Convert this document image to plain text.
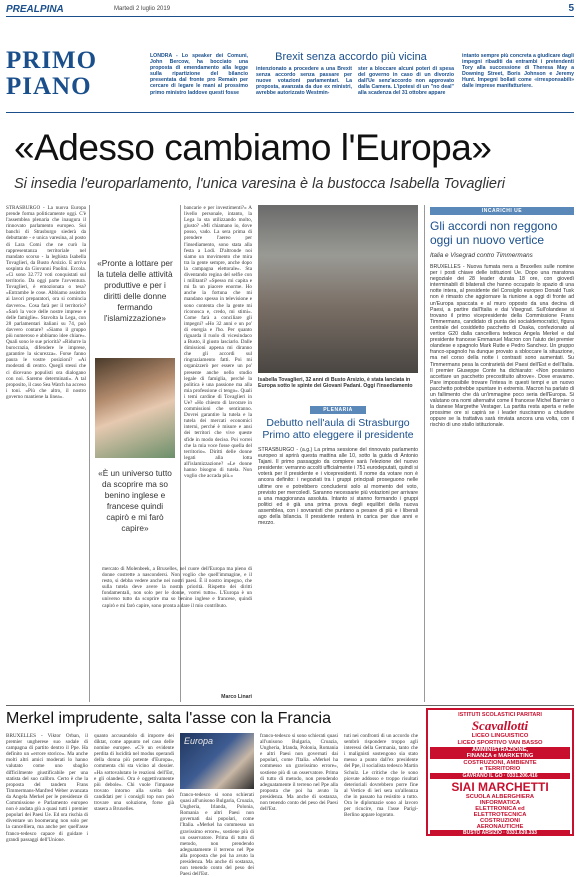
PREALPINA	Martedì 2 luglio 2019	5
PRIMO
PIANO
LONDRA - Lo speaker dei Comuni, John Bercow, ha bocciato una proposta di emendamento alla legge sulla ripartizione del bilancio presentata dal fronte pro Remain per cercare di legare le mani al prossimo primo ministro laddove questi fosse
Brexit senza accordo più vicina
intenzionato a procedere a una Brexit senza accordo senza passare per nuove votazioni parlamentari. La proposta, avanzata da due ex ministri, avrebbe autorizzato Westmin-
ster a bloccare alcuni poteri di spesa del governo in caso di un divorzio dall'Ue senz'accordo non approvato dalla Camera. L'ipotesi di un "no deal" alla scadenza del 31 ottobre appare
intanto sempre più concreta a giudicare dagli impegni ribaditi da entrambi i pretendenti Tory alla successione di Theresa May a Downing Street, Boris Johnson e Jeremy Hunt. Impegni bollati come «irresponsabili» dalle imprese manifatturiere.
«Adesso cambiamo l'Europa»
Si insedia l'europarlamento, l'unica varesina è la bustocca Isabella Tovaglieri
STRASBURGO - La nuova Europa prende forma politicamente oggi. C'è l'assemblea plenaria che inaugura il rinnovato parlamento europeo. Sui banchi di Strasburgo siederà da debuttante - e unica varesina, al posto di Lara Comi che ne curò la rappresentanza territoriale nel mandato scorso - la leghista Isabella Tovaglieri, da Busto Arsizio. E arriva sospinta da Giovanni Paolini. Eccola. «Ci sono 32.772 voti conquistati sul territorio. Da oggi parte l'avventura. Tovaglieri, è emozionata o tesa? «Entrambe le cose. Abbiamo assistito ai lavori preparatori, ora si comincia davvero». Cosa farà per il territorio? «Sarò la voce delle nostre imprese e delle famiglie». Stavolta la Lega, con 28 parlamentari italiani su 74, può davvero contare? «Siamo il gruppo più numeroso e abbiamo idee chiare». Quali sono le sue priorità? «Ridurre la burocrazia, difendere le imprese, garantire la sicurezza». Forse fanno paura le vostre posizioni? «Ai moderati di centro. Quegli stessi che ci dicevano populisti ora dialogano con noi. Saremo determinati». A tal proposito, il caso Sea Watch ha acceso i toni. «Più che altro, il nostro governo mantiene la linea».
«Pronte a lottare per la tutela delle attività produttive e per i diritti delle donne fermando l'islamizzazione»
«È un universo tutto da scoprire ma so benino inglese e francese quindi capirò e mi farò capire»
bancarie e per investimenti?» A livello personale, intanto, la Lega la sta utilizzando molto, giusto? «Mi chiamano io, dove posso, vado. La sera prima di prendere l'aereo per l'insediamento, sono stata alla festa a Lodi. D'altronde noi siamo un movimento che mira tra la gente sempre, anche dopo la campagna elettorale». Sta diventando regina del selfie con i militanti? «Spesso mi capita e mi fa un piacere enorme. Ho anche la fortuna che mi mandano spesso in televisione e sono contenta che la gente mi riconosca e, credo, mi stimi». Come farà a conciliare gli impegni? «Ho 32 anni e un po' di energia e l'ho. Per quanto riguarda il ruolo di vicesindaco a Busto, il giusto lasciarlo. Dalle dimissioni appena mi diranno che gli accordi sul ringraziamento fatti. Poi mi organizzerò per essere un po' presente anche nello studio legale di famiglia, perché la politica è una passione ma alla mia professione ci tengo». Quali i temi cardine di Tovaglieri in Ue? «Ho chiesto di lavorare in commissioni che sentiranno. Dovrei garantire la tutela e la tutela dei mercati economici interni, perché è misure e ansi dei territori che vive queste sfide in modo deciso. Poi vorrei che la mia voce fosse quella del territorio». Diritti delle donne legati alla lotta all'islamizzazione? «Le donne hanno bisogno di tutela. Non voglio che accada più.»
mercato di Molenbeek, a Bruxelles, nel cuore dell'Europa ma pieno di donne costrette a nascondersi. Non voglio che quell'immagine, e il resto, si debba vedere anche nei nostri paesi. È il nostro impegno, che sulla tutela deve avere la nostra priorità. Rispetto dei diritti fondamentali, non solo per le donne, vorrei tutto». L'Europa è un universo tutto da scoprire ma so benino inglese e francese, quindi capirò e mi farò capire, sono pronta a dare il mio contributo.
Marco Linari
Isabella Tovaglieri, 32 anni di Busto Arsizio, è stata lanciata in Europa sotto le spinte dei Giovani Padani. Oggi l'insediamento
PLENARIA
Debutto nell'aula di Strasburgo Primo atto eleggere il presidente
STRASBURGO - (a.g.) La prima sessione del rinnovato parlamento europeo si aprirà questa mattina alle 10, sotto la guida di Antonio Tajani. Il primo passaggio da compiere sarà l'elezione del nuovo presidente: verranno accolti ufficialmente i 751 eurodeputati, quindi si voterà per il presidente e i vicepresidenti. Il nome da votare non è ancora definito: i negoziati tra i gruppi principali proseguono nelle ultime ore e potrebbero concludersi solo al momento del voto, previsto per mercoledì. Saranno necessarie più votazioni per arrivare a una maggioranza assoluta. Intanto si stanno formando i gruppi politici ed è già una prima prova degli equilibri della nuova assemblea, con i sovranisti che puntano a pesare di più e i liberali ago della bilancia. Il presidente resterà in carica per due anni e mezzo.
INCARICHI UE
Gli accordi non reggono oggi un nuovo vertice
Italia e Visegrad contro Timmermans
BRUXELLES - Nuova fumata nera a Bruxelles sulle nomine per i posti chiave delle istituzioni Ue. Dopo una maratona negoziale dei 28 leader durata 18 ore, con giovedì interminabili di bilaterali che hanno occupato lo spazio di una notte intera, al presidente del Consiglio europeo Donald Tusk non è rimasto che aggiornare la riunione a oggi di fronte ad un'Europa spaccata e al muro opposto da una decina di Paesi, a partire dall'Italia e dai Visegrad. Sull'olandese si trovano il primo vicepresidente della Commissione Frans Timmermans, candidato di punta dei socialdemocratici, figura centrale del cosiddetto pacchetto di Osaka, confezionato al vertice G20 dalla cancelliera tedesca Angela Merkel e dal presidente francese Emmanuel Macron con l'aiuto dei premier olandese e spagnolo Mark Rutte e Pedro Sanchez. Un gruppo franco-spagnolo ha dunque provato a sbloccare la situazione, ma nel corso della notte i contrasti sono aumentati. Su Timmermans pesa la contrarietà dei Paesi dell'Est e dell'Italia. Il premier Giuseppe Conte ha dichiarato: «Non possiamo accettare un pacchetto precostituito altrove». Dove eravamo. Pare impossibile trovare l'intesa in questi tempi e un nuovo pacchetto potrebbe spuntare in extremis. Macron ha parlato di un fallimento che dà un'immagine poco seria dell'Europa. Si valutano ora nomi alternativi come il francese Michel Barnier o la danese Margrethe Vestager. La partita resta aperta e nelle prossime ore si capirà se i leader riusciranno a chiudere oppure se la trattativa sarà rinviata ancora una volta, con il rischio di uno stallo istituzionale.
Merkel imprudente, salta l'asse con la Francia
BRUXELLES - Viktor Orban, il premier ungherese suo sodale di campagna di partito dentro il Ppe. Ha definito un «errore storico». Ma anche molti altri amici moderati lo hanno valutato come uno sbaglio difficilmente giustificabile per una statista del suo calibro. Certo è che la proposta del tandem Frans Timmermans-Manfred Weber avanzata da Angela Merkel per le presidenze di Commissione e Parlamento europeo non è andata giù a quasi tutti i premier popolari dei Paesi Ue. Ed ora rischia di diventare un boomerang non solo per la cancelliera, ma anche per quell'asse franco-tedesco capace di guidare i grandi passaggi dell'Unione.
quanto accusandolo di imporre dei diktat, come appunto nel caso delle nomine europee. «C'è un evidente perdita di lucidità nel modus operandi della donna più potente d'Europa», commenta chi sta vicino al dossier. «Ha sottovalutato le reazioni dell'Est, e gli olandesi. Ora è oggettivamente più debole». Chi vuole l'impasse trovato intorno alla scelta dei candidati per i consigli top non può trovare una soluzione, forse già stasera a Bruxelles.
Europa
franco-tedesco si sono schierati quasi all'unisono Bulgaria, Croazia, Ungheria, Irlanda, Polonia, Romania e altri Paesi non governati dai popolari, come l'Italia. «Merkel ha commesso un gravissimo errore», sostiene più di un osservatore. Prima di tutto di metodo, non prendendo adeguatamente il terreno nel Ppe alla proposta che poi ha avuto la presidenza. Ma anche di sostanza, non tenendo conto del peso dei Paesi dell'Est.
franco-tedesco si sono schierati quasi all'unisono Bulgaria, Croazia, Ungheria, Irlanda, Polonia, Romania e altri Paesi non governati dai popolari, come l'Italia. «Merkel ha commesso un gravissimo errore», sostiene più di un osservatore. Prima di tutto di metodo, non prendendo adeguatamente il terreno nel Ppe alla proposta che poi ha avuto la presidenza. Ma anche di sostanza, non tenendo conto del peso dei Paesi dell'Est.
tuti nei confronti di un accordo che sembrò rispondere troppo agli interessi della Germania, tanto che i malignisti sostengono sia stato messo a punto dall'ex presidente del Ppe, il socialista tedesco Martin Schulz. Le critiche che le sono piovute addosso e troppo risultati deterioriali dovrebbero porre fine al Vertice di ieri sera un'alleanza che in passato ha resistito a tutto. Ora le diplomazie sono al lavoro per ricucire, ma l'asse Parigi-Berlino appare logorato.
ISTITUTI SCOLASTICI PARITARI
Scavallotti
LICEO LINGUISTICO
LICEO SPORTIVO VAN BASSO
AMMINISTRAZIONE,
FINANZA e MARKETING
COSTRUZIONI, AMBIENTE
e TERRITORIO
GAVRANO IL GO · 0331.206.416
SIAI MARCHETTI
SCUOLA ALBERGHIERA
INFORMATICA
ELETTRONICA ed
ELETTROTECNICA
COSTRUZIONI
AERONAUTICHE
BUSTO ARSIZIO · 0331.639.333
